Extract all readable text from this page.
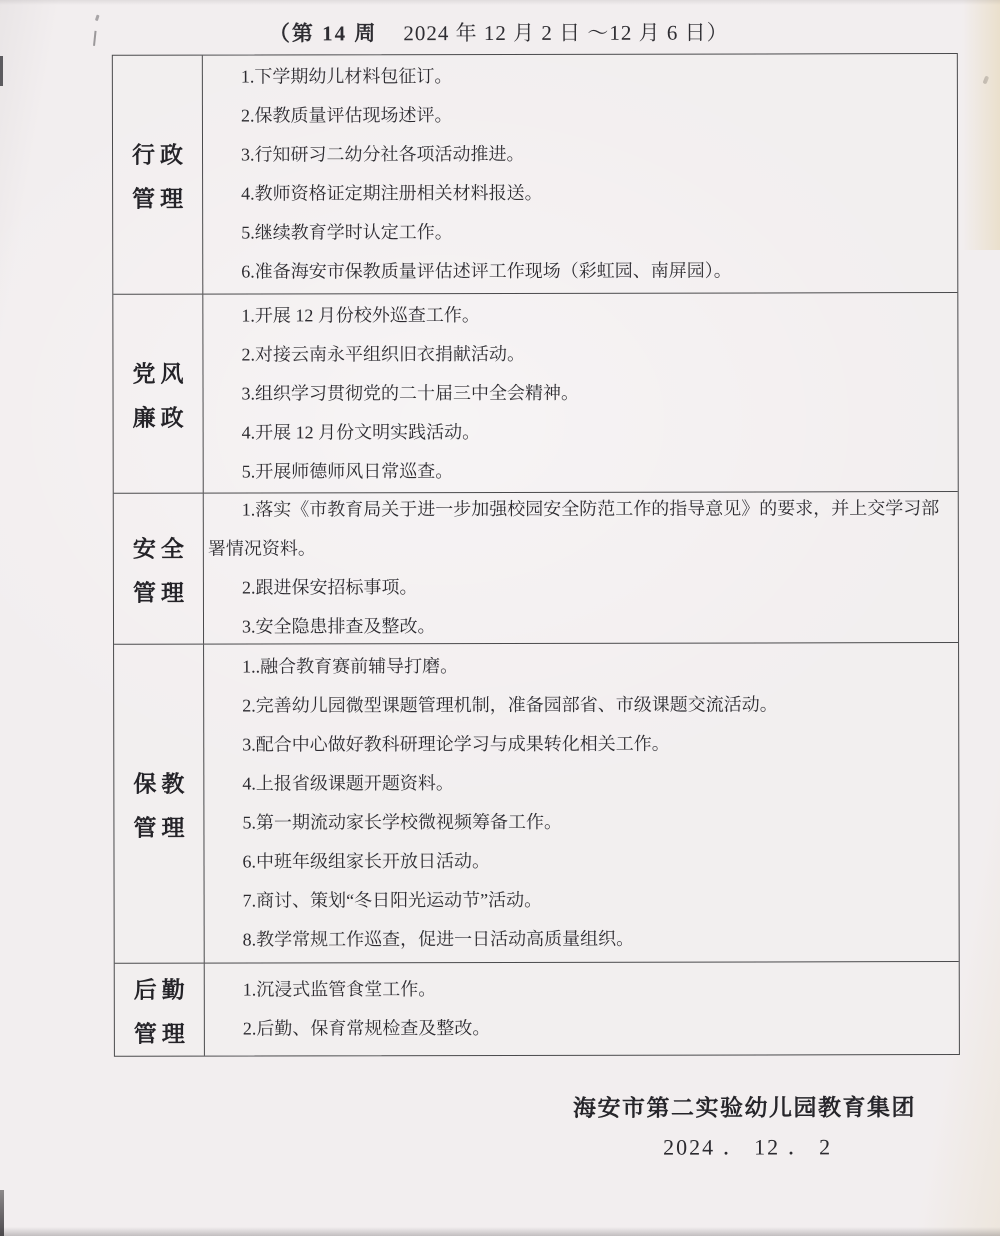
（第 14 周 2024 年 12 月 2 日 ～12 月 6 日）
行政
管理
1.下学期幼儿材料包征订。
2.保教质量评估现场述评。
3.行知研习二幼分社各项活动推进。
4.教师资格证定期注册相关材料报送。
5.继续教育学时认定工作。
6.准备海安市保教质量评估述评工作现场（彩虹园、南屏园）。
党风
廉政
1.开展 12 月份校外巡查工作。
2.对接云南永平组织旧衣捐献活动。
3.组织学习贯彻党的二十届三中全会精神。
4.开展 12 月份文明实践活动。
5.开展师德师风日常巡查。
安全
管理
1.落实《市教育局关于进一步加强校园安全防范工作的指导意见》的要求，并上交学习部署情况资料。
2.跟进保安招标事项。
3.安全隐患排查及整改。
保教
管理
1..融合教育赛前辅导打磨。
2.完善幼儿园微型课题管理机制，准备园部省、市级课题交流活动。
3.配合中心做好教科研理论学习与成果转化相关工作。
4.上报省级课题开题资料。
5.第一期流动家长学校微视频筹备工作。
6.中班年级组家长开放日活动。
7.商讨、策划“冬日阳光运动节”活动。
8.教学常规工作巡查，促进一日活动高质量组织。
后勤
管理
1.沉浸式监管食堂工作。
2.后勤、保育常规检查及整改。
海安市第二实验幼儿园教育集团
2024 ． 12 ． 2
